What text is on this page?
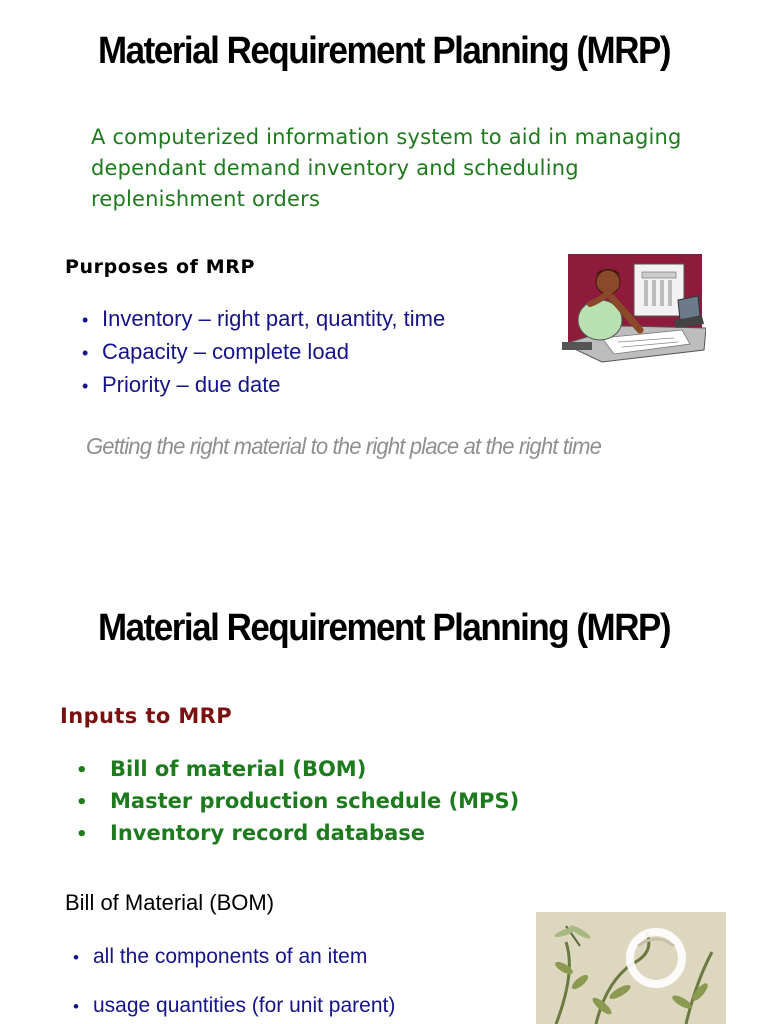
Material Requirement Planning (MRP)
A computerized information system to aid in managing dependant demand inventory and scheduling replenishment orders
Purposes of MRP
• Inventory – right part, quantity, time
• Capacity – complete load
• Priority – due date
Getting the right material to the right place at the right time
Material Requirement Planning (MRP)
Inputs to MRP
•	Bill of material (BOM)
•	Master production schedule (MPS)
•	Inventory record database
Bill of Material (BOM)
• all the components of an item
• usage quantities (for unit parent)
